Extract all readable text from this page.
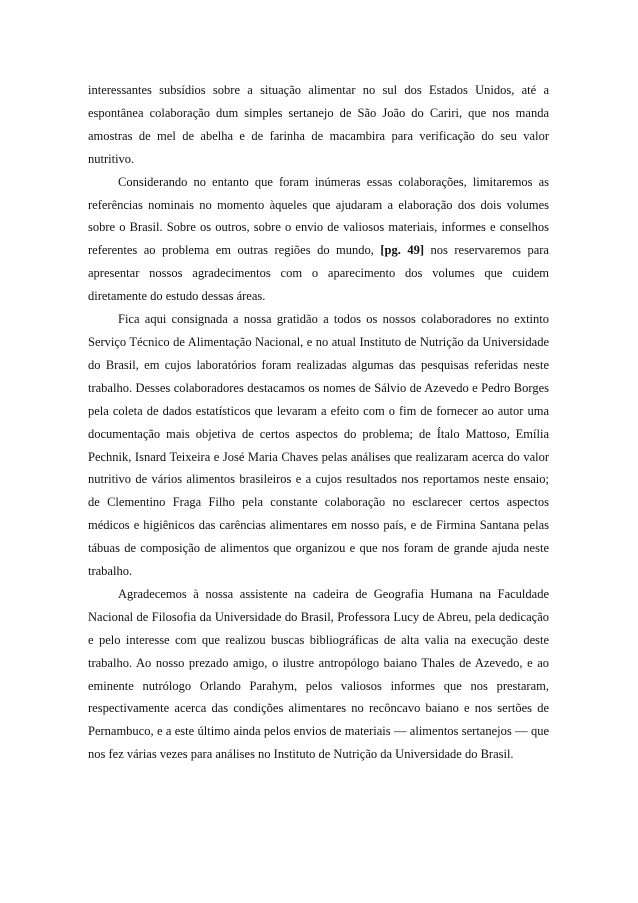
interessantes subsídios sobre a situação alimentar no sul dos Estados Unidos, até a espontânea colaboração dum simples sertanejo de São João do Cariri, que nos manda amostras de mel de abelha e de farinha de macambira para verificação do seu valor nutritivo.

Considerando no entanto que foram inúmeras essas colaborações, limitaremos as referências nominais no momento àqueles que ajudaram a elaboração dos dois volumes sobre o Brasil. Sobre os outros, sobre o envio de valiosos materiais, informes e conselhos referentes ao problema em outras regiões do mundo, [pg. 49] nos reservaremos para apresentar nossos agradecimentos com o aparecimento dos volumes que cuidem diretamente do estudo dessas áreas.

Fica aqui consignada a nossa gratidão a todos os nossos colaboradores no extinto Serviço Técnico de Alimentação Nacional, e no atual Instituto de Nutrição da Universidade do Brasil, em cujos laboratórios foram realizadas algumas das pesquisas referidas neste trabalho. Desses colaboradores destacamos os nomes de Sálvio de Azevedo e Pedro Borges pela coleta de dados estatísticos que levaram a efeito com o fim de fornecer ao autor uma documentação mais objetiva de certos aspectos do problema; de Ítalo Mattoso, Emília Pechnik, Isnard Teixeira e José Maria Chaves pelas análises que realizaram acerca do valor nutritivo de vários alimentos brasileiros e a cujos resultados nos reportamos neste ensaio; de Clementino Fraga Filho pela constante colaboração no esclarecer certos aspectos médicos e higiênicos das carências alimentares em nosso país, e de Firmina Santana pelas tábuas de composição de alimentos que organizou e que nos foram de grande ajuda neste trabalho.

Agradecemos à nossa assistente na cadeira de Geografia Humana na Faculdade Nacional de Filosofia da Universidade do Brasil, Professora Lucy de Abreu, pela dedicação e pelo interesse com que realizou buscas bibliográficas de alta valia na execução deste trabalho. Ao nosso prezado amigo, o ilustre antropólogo baiano Thales de Azevedo, e ao eminente nutrólogo Orlando Parahym, pelos valiosos informes que nos prestaram, respectivamente acerca das condições alimentares no recôncavo baiano e nos sertões de Pernambuco, e a este último ainda pelos envios de materiais — alimentos sertanejos — que nos fez várias vezes para análises no Instituto de Nutrição da Universidade do Brasil.
